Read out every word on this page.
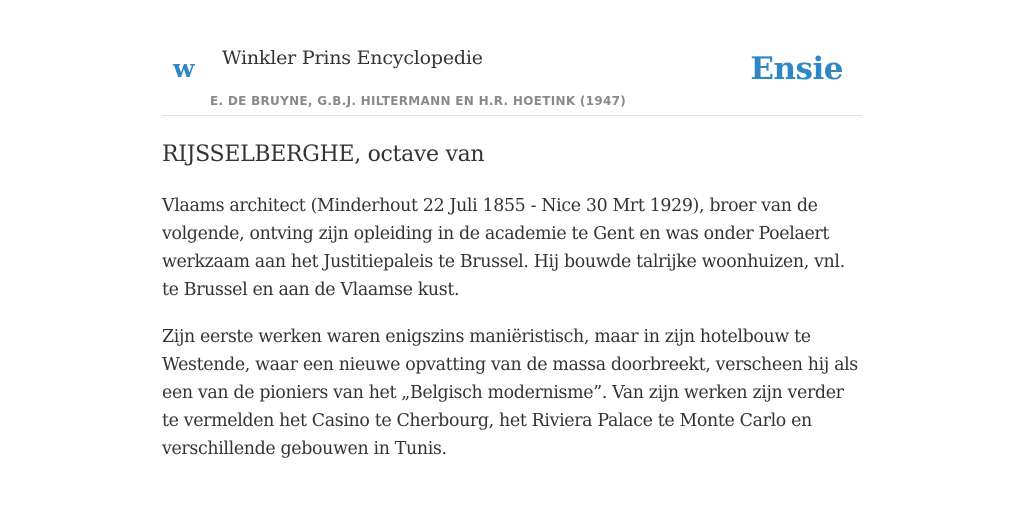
w Winkler Prins Encyclopedie	Ensie
E. DE BRUYNE, G.B.J. HILTERMANN EN H.R. HOETINK (1947)
RIJSSELBERGHE, octave van

Vlaams architect (Minderhout 22 Juli 1855 - Nice 30 Mrt 1929), broer van de volgende, ontving zijn opleiding in de academie te Gent en was onder Poelaert werkzaam aan het Justitiepaleis te Brussel. Hij bouwde talrijke woonhuizen, vnl. te Brussel en aan de Vlaamse kust.

Zijn eerste werken waren enigszins maniëristisch, maar in zijn hotelbouw te Westende, waar een nieuwe opvatting van de massa doorbreekt, verscheen hij als een van de pioniers van het „Belgisch modernisme”. Van zijn werken zijn verder te vermelden het Casino te Cherbourg, het Riviera Palace te Monte Carlo en verschillende gebouwen in Tunis.
